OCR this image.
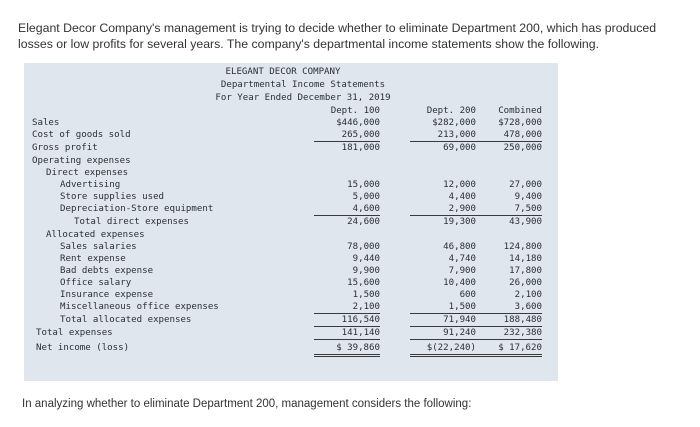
Elegant Decor Company's management is trying to decide whether to eliminate Department 200, which has produced losses or low profits for several years. The company's departmental income statements show the following.
ELEGANT DECOR COMPANY
Departmental Income Statements
For Year Ended December 31, 2019
Dept. 100	Dept. 200	Combined
Sales	$446,000	$282,000	$728,000
Cost of goods sold	265,000	213,000	478,000
Gross profit	181,000	69,000	250,000
Operating expenses
Direct expenses
Advertising	15,000	12,000	27,000
Store supplies used	5,000	4,400	9,400
Depreciation-Store equipment	4,600	2,900	7,500
Total direct expenses	24,600	19,300	43,900
Allocated expenses
Sales salaries	78,000	46,800	124,800
Rent expense	9,440	4,740	14,180
Bad debts expense	9,900	7,900	17,800
Office salary	15,600	10,400	26,000
Insurance expense	1,500	600	2,100
Miscellaneous office expenses	2,100	1,500	3,600
Total allocated expenses	116,540	71,940	188,480
Total expenses	141,140	91,240	232,380
Net income (loss)	$ 39,860	$(22,240)	$ 17,620
In analyzing whether to eliminate Department 200, management considers the following:
